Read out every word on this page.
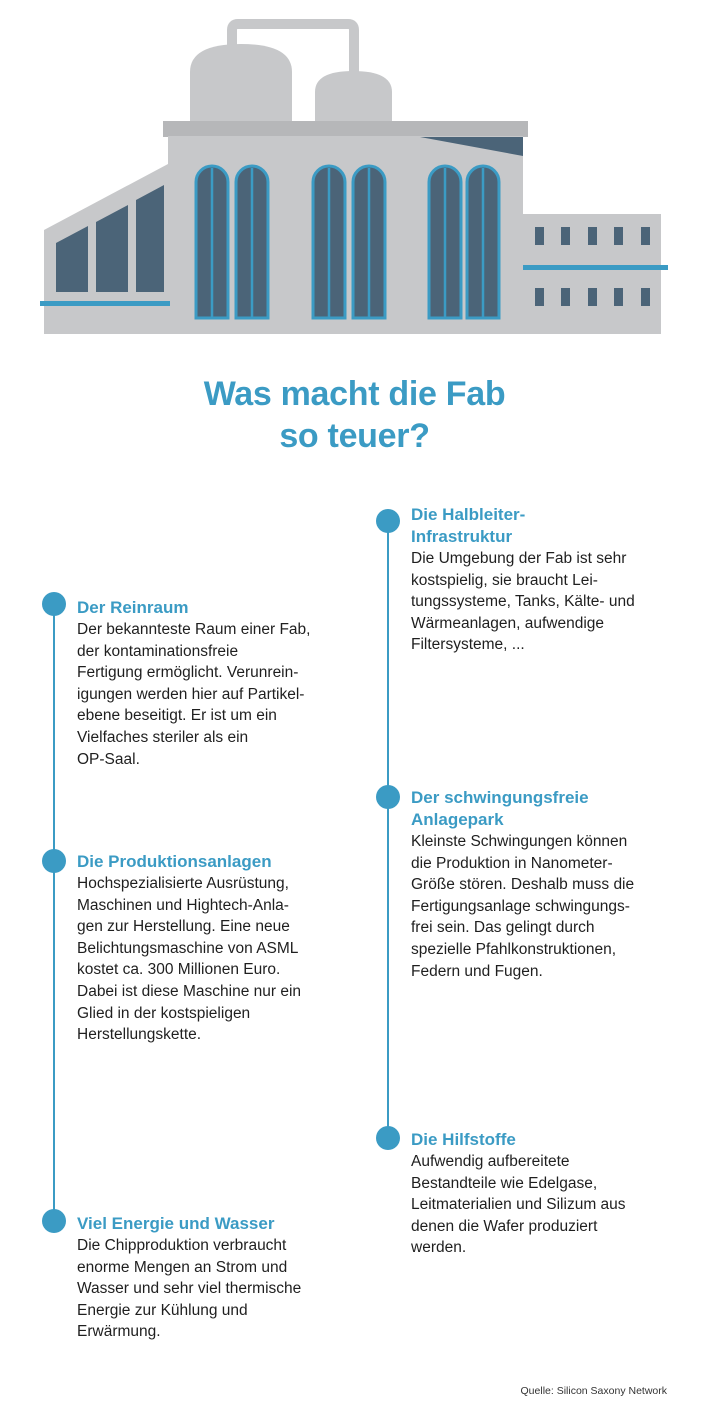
Was macht die Fab
so teuer?
Der Reinraum
Der bekannteste Raum einer Fab,
der kontaminationsfreie
Fertigung ermöglicht. Verunrein-
igungen werden hier auf Partikel-
ebene beseitigt. Er ist um ein
Vielfaches steriler als ein
OP-Saal.
Die Produktionsanlagen
Hochspezialisierte Ausrüstung,
Maschinen und Hightech-Anla-
gen zur Herstellung. Eine neue
Belichtungsmaschine von ASML
kostet ca. 300 Millionen Euro.
Dabei ist diese Maschine nur ein
Glied in der kostspieligen
Herstellungskette.
Viel Energie und Wasser
Die Chipproduktion verbraucht
enorme Mengen an Strom und
Wasser und sehr viel thermische
Energie zur Kühlung und
Erwärmung.
Die Halbleiter-
Infrastruktur
Die Umgebung der Fab ist sehr
kostspielig, sie braucht Lei-
tungssysteme, Tanks, Kälte- und
Wärmeanlagen, aufwendige
Filtersysteme, ...
Der schwingungsfreie
Anlagepark
Kleinste Schwingungen können
die Produktion in Nanometer-
Größe stören. Deshalb muss die
Fertigungsanlage schwingungs-
frei sein. Das gelingt durch
spezielle Pfahlkonstruktionen,
Federn und Fugen.
Die Hilfstoffe
Aufwendig aufbereitete
Bestandteile wie Edelgase,
Leitmaterialien und Silizum aus
denen die Wafer produziert
werden.
Quelle: Silicon Saxony Network
